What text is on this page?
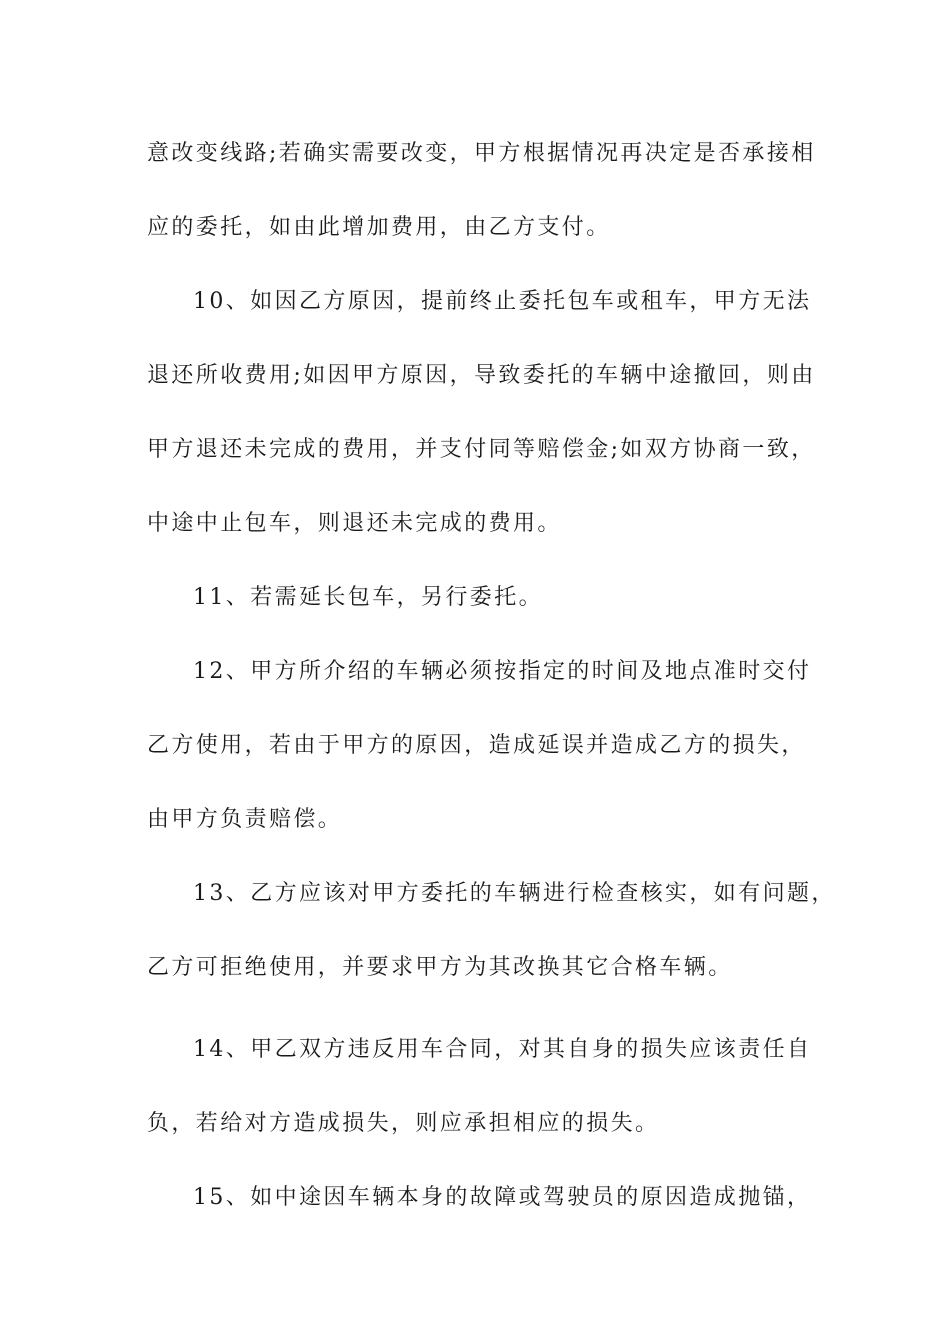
意改变线路;若确实需要改变，甲方根据情况再决定是否承接相
应的委托，如由此增加费用，由乙方支付。
10、如因乙方原因，提前终止委托包车或租车，甲方无法
退还所收费用;如因甲方原因，导致委托的车辆中途撤回，则由
甲方退还未完成的费用，并支付同等赔偿金;如双方协商一致，
中途中止包车，则退还未完成的费用。
11、若需延长包车，另行委托。
12、甲方所介绍的车辆必须按指定的时间及地点准时交付
乙方使用，若由于甲方的原因，造成延误并造成乙方的损失，
由甲方负责赔偿。
13、乙方应该对甲方委托的车辆进行检查核实，如有问题，
乙方可拒绝使用，并要求甲方为其改换其它合格车辆。
14、甲乙双方违反用车合同，对其自身的损失应该责任自
负，若给对方造成损失，则应承担相应的损失。
15、如中途因车辆本身的故障或驾驶员的原因造成抛锚，
